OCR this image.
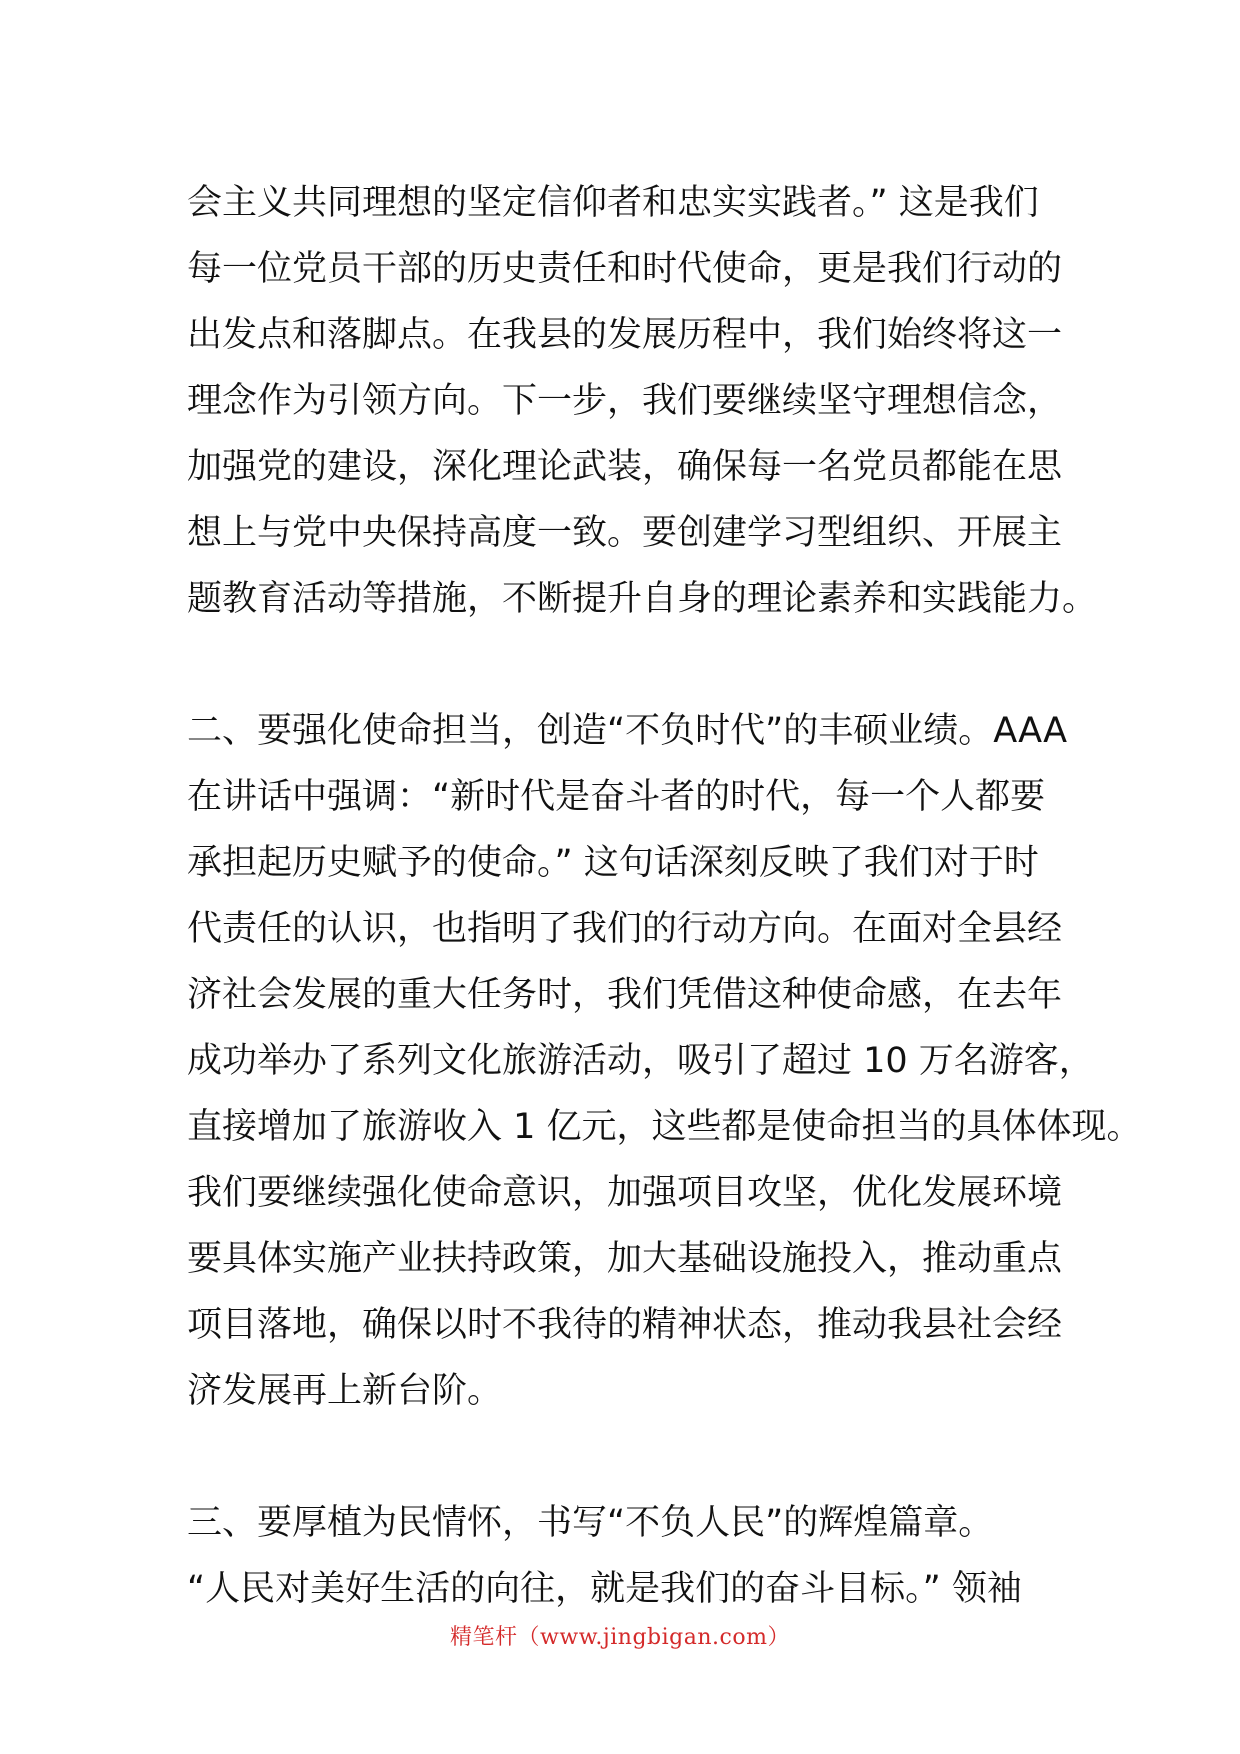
会主义共同理想的坚定信仰者和忠实实践者。” 这是我们
每一位党员干部的历史责任和时代使命，更是我们行动的
出发点和落脚点。在我县的发展历程中，我们始终将这一
理念作为引领方向。下一步，我们要继续坚守理想信念，
加强党的建设，深化理论武装，确保每一名党员都能在思
想上与党中央保持高度一致。要创建学习型组织、开展主
题教育活动等措施，不断提升自身的理论素养和实践能力。
二、要强化使命担当，创造“不负时代”的丰硕业绩。AAA
在讲话中强调：“新时代是奋斗者的时代，每一个人都要
承担起历史赋予的使命。” 这句话深刻反映了我们对于时
代责任的认识，也指明了我们的行动方向。在面对全县经
济社会发展的重大任务时，我们凭借这种使命感，在去年
成功举办了系列文化旅游活动，吸引了超过 10 万名游客，
直接增加了旅游收入 1 亿元，这些都是使命担当的具体体现。
我们要继续强化使命意识，加强项目攻坚，优化发展环境
要具体实施产业扶持政策，加大基础设施投入，推动重点
项目落地，确保以时不我待的精神状态，推动我县社会经
济发展再上新台阶。
三、要厚植为民情怀，书写“不负人民”的辉煌篇章。
“人民对美好生活的向往，就是我们的奋斗目标。” 领袖
精笔杆（www.jingbigan.com）
